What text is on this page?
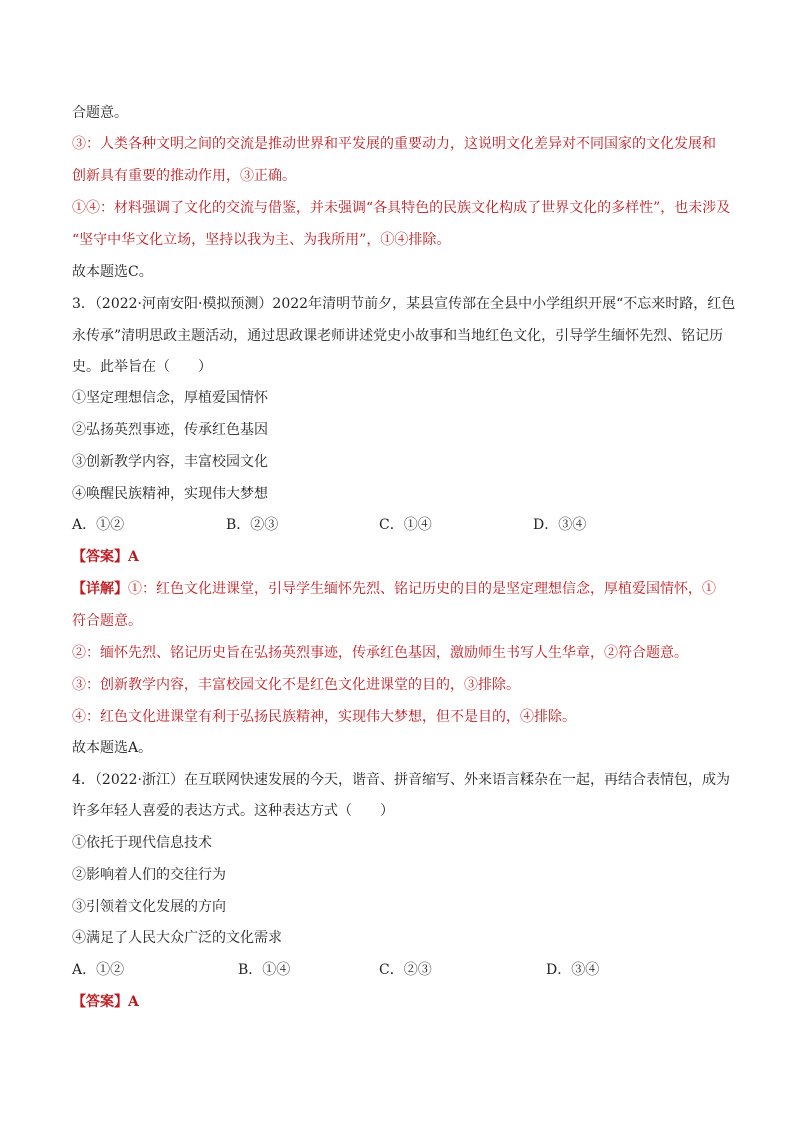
合题意。
③：人类各种文明之间的交流是推动世界和平发展的重要动力，这说明文化差异对不同国家的文化发展和
创新具有重要的推动作用，③正确。
①④：材料强调了文化的交流与借鉴，并未强调“各具特色的民族文化构成了世界文化的多样性”，也未涉及
“坚守中华文化立场，坚持以我为主、为我所用”，①④排除。
故本题选C。
3．（2022·河南安阳·模拟预测）2022年清明节前夕，某县宣传部在全县中小学组织开展“不忘来时路，红色
永传承”清明思政主题活动，通过思政课老师讲述党史小故事和当地红色文化，引导学生缅怀先烈、铭记历
史。此举旨在（　　）
①坚定理想信念，厚植爱国情怀
②弘扬英烈事迹，传承红色基因
③创新教学内容，丰富校园文化
④唤醒民族精神，实现伟大梦想
A．①②	B．②③	C．①④	D．③④
【答案】A
【详解】①：红色文化进课堂，引导学生缅怀先烈、铭记历史的目的是坚定理想信念，厚植爱国情怀，①
符合题意。
②：缅怀先烈、铭记历史旨在弘扬英烈事迹，传承红色基因，激励师生书写人生华章，②符合题意。
③：创新教学内容，丰富校园文化不是红色文化进课堂的目的，③排除。
④：红色文化进课堂有利于弘扬民族精神，实现伟大梦想，但不是目的，④排除。
故本题选A。
4．（2022·浙江）在互联网快速发展的今天，谐音、拼音缩写、外来语言糅杂在一起，再结合表情包，成为
许多年轻人喜爱的表达方式。这种表达方式（　　）
①依托于现代信息技术
②影响着人们的交往行为
③引领着文化发展的方向
④满足了人民大众广泛的文化需求
A．①②	B．①④	C．②③	D．③④
【答案】A
